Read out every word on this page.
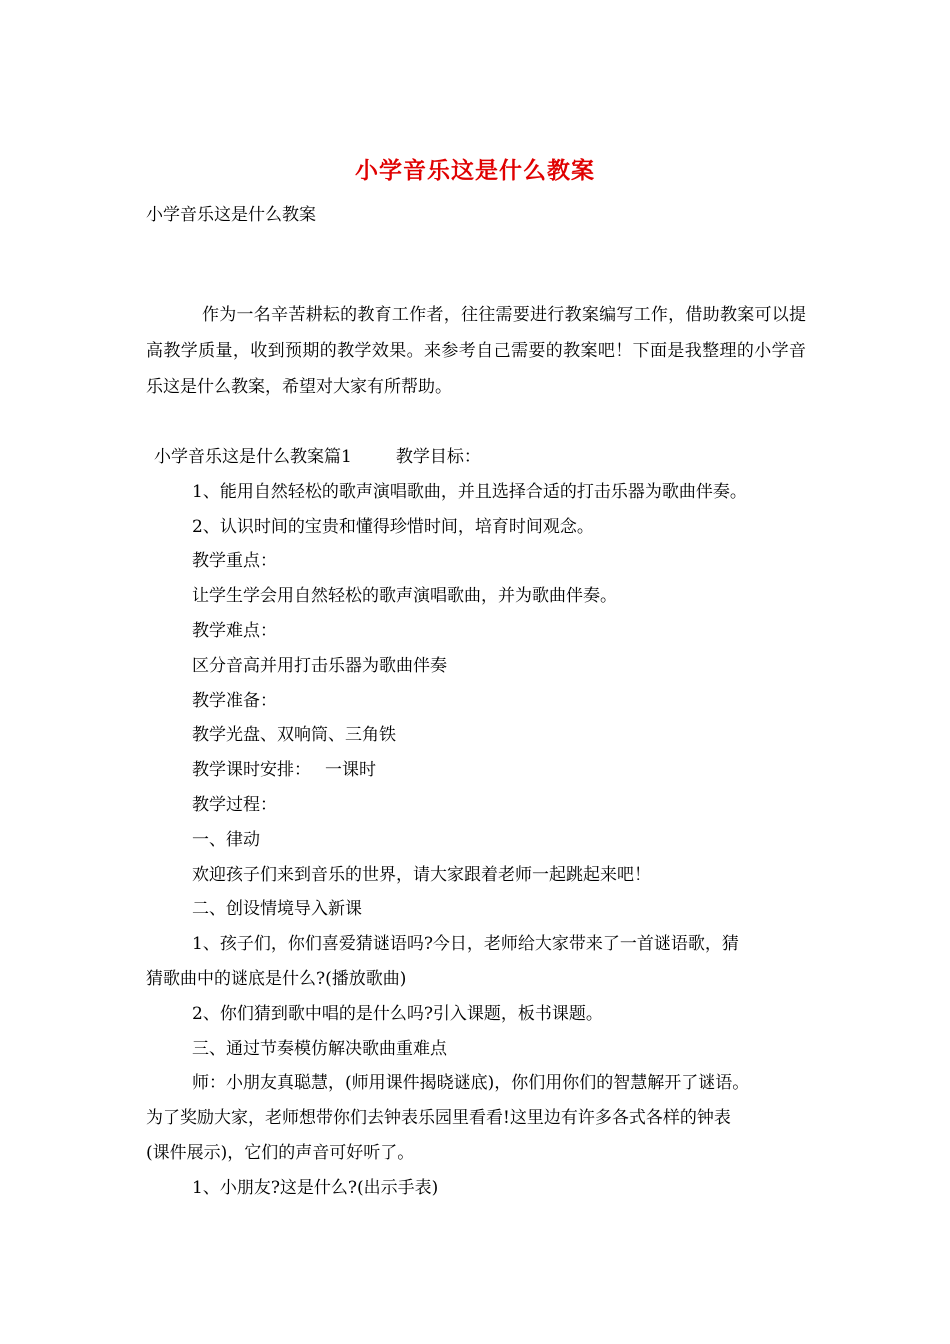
小学音乐这是什么教案
小学音乐这是什么教案
作为一名辛苦耕耘的教育工作者，往往需要进行教案编写工作，借助教案可以提高教学质量，收到预期的教学效果。来参考自己需要的教案吧！下面是我整理的小学音乐这是什么教案，希望对大家有所帮助。
小学音乐这是什么教案篇1	教学目标：
1、能用自然轻松的歌声演唱歌曲，并且选择合适的打击乐器为歌曲伴奏。
2、认识时间的宝贵和懂得珍惜时间，培育时间观念。
教学重点：
让学生学会用自然轻松的歌声演唱歌曲，并为歌曲伴奏。
教学难点：
区分音高并用打击乐器为歌曲伴奏
教学准备：
教学光盘、双响筒、三角铁
教学课时安排： 一课时
教学过程：
一、律动
欢迎孩子们来到音乐的世界，请大家跟着老师一起跳起来吧！
二、创设情境导入新课
1、孩子们，你们喜爱猜谜语吗?今日，老师给大家带来了一首谜语歌，猜
猜歌曲中的谜底是什么?(播放歌曲)
2、你们猜到歌中唱的是什么吗?引入课题，板书课题。
三、通过节奏模仿解决歌曲重难点
师：小朋友真聪慧，(师用课件揭晓谜底)，你们用你们的智慧解开了谜语。
为了奖励大家，老师想带你们去钟表乐园里看看!这里边有许多各式各样的钟表
(课件展示)，它们的声音可好听了。
1、小朋友?这是什么?(出示手表)
